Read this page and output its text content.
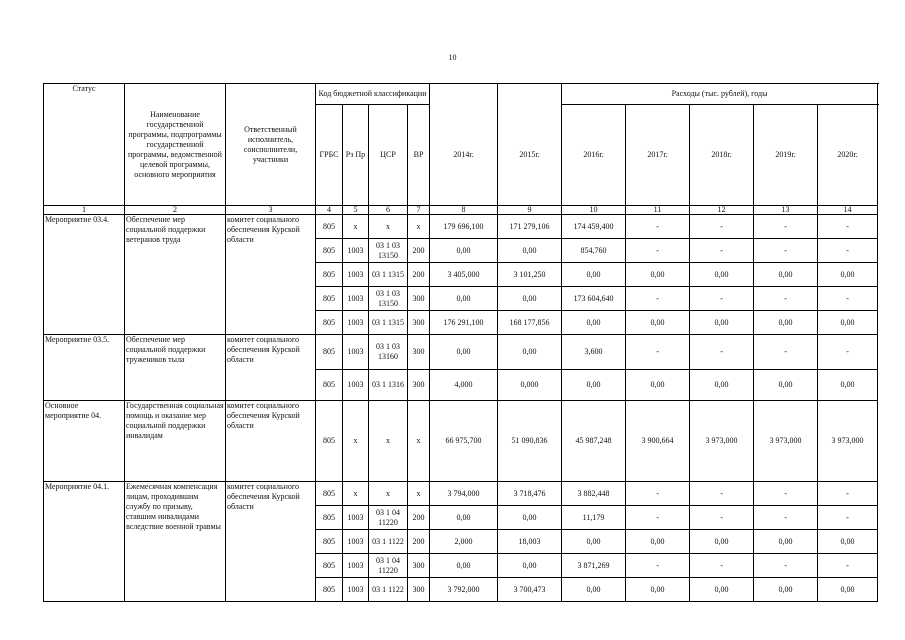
10
Статус	Наименование государственной программы, подпрограммы государственной программы, ведомственной целевой программы, основного мероприятия	Ответственный исполнитель, соисполнители, участники	Код бюджетной классификации						Расходы (тыс. рублей), годы				
			ГРБС	Рз Пр	ЦСР	ВР	2014г.	2015г.	2016г.	2017г.	2018г.	2019г.	2020г.
1	2	3	4	5	6	7	8	9	10	11	12	13	14
Мероприятие 03.4.	Обеспечение мер социальной поддержки ветеранов труда	комитет социального обеспечения Курской области	805	x	x	x	179 696,100	171 279,106	174 459,400	-	-	-	-
			805	1003	03 1 03 13150	200	0,00	0,00	854,760	-	-	-	-
			805	1003	03 1 1315	200	3 405,000	3 101,250	0,00	0,00	0,00	0,00	0,00
			805	1003	03 1 03 13150	300	0,00	0,00	173 604,640	-	-	-	-
			805	1003	03 1 1315	300	176 291,100	168 177,856	0,00	0,00	0,00	0,00	0,00
Мероприятие 03.5.	Обеспечение мер социальной поддержки тружеников тыла	комитет социального обеспечения Курской области	805	1003	03 1 03 13160	300	0,00	0,00	3,600	-	-	-	-
			805	1003	03 1 1316	300	4,000	0,000	0,00	0,00	0,00	0,00	0,00
Основное мероприятие 04.	Государственная социальная помощь и оказание мер социальной поддержки инвалидам	комитет социального обеспечения Курской области	805	x	x	x	66 975,700	51 090,836	45 987,248	3 900,664	3 973,000	3 973,000	3 973,000
Мероприятие 04.1.	Ежемесячная компенсация лицам, проходившим службу по призыву, ставшим инвалидами вследствие военной травмы	комитет социального обеспечения Курской области	805	x	x	x	3 794,000	3 718,476	3 882,448	-	-	-	-
			805	1003	03 1 04 11220	200	0,00	0,00	11,179	-	-	-	-
			805	1003	03 1 1122	200	2,000	18,003	0,00	0,00	0,00	0,00	0,00
			805	1003	03 1 04 11220	300	0,00	0,00	3 871,269	-	-	-	-
			805	1003	03 1 1122	300	3 792,000	3 700,473	0,00	0,00	0,00	0,00	0,00
